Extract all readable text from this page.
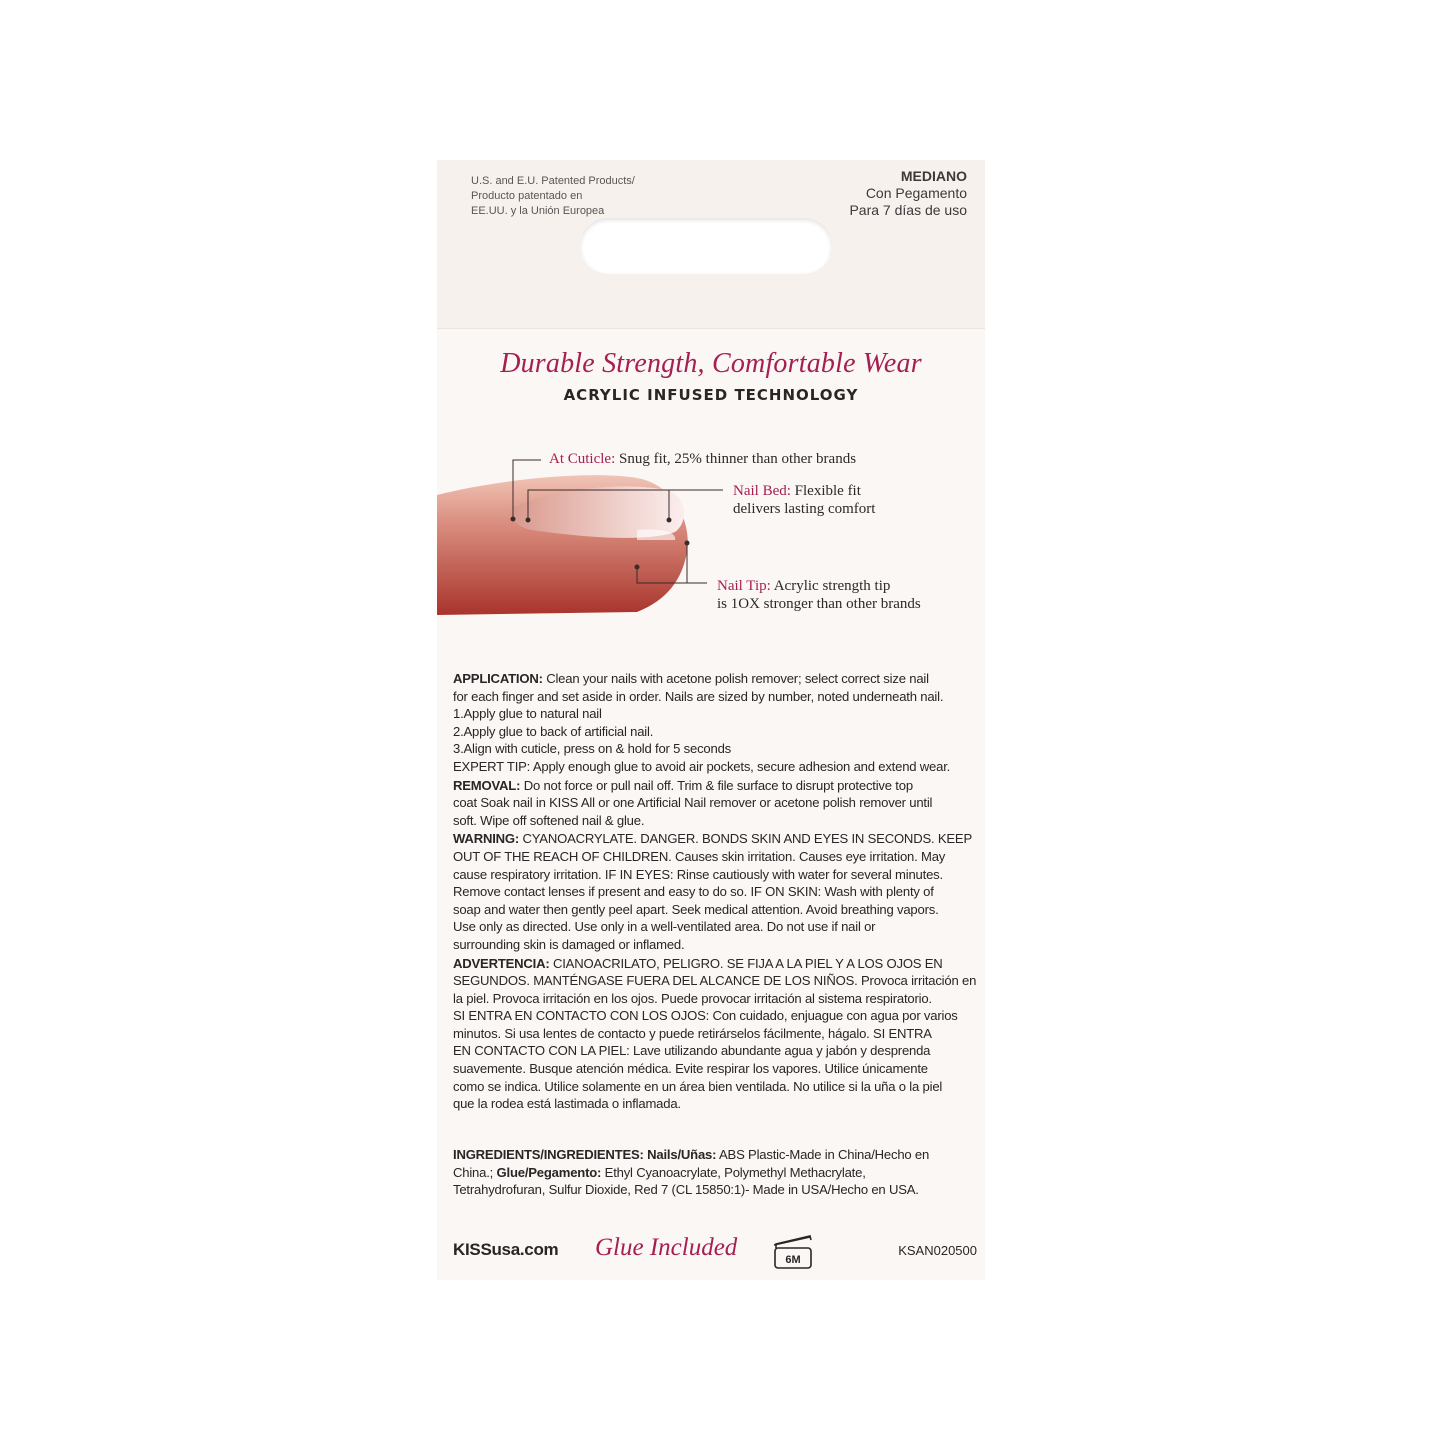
U.S. and E.U. Patented Products/
Producto patentado en
EE.UU. y la Unión Europea
MEDIANO
Con Pegamento
Para 7 días de uso
Durable Strength, Comfortable Wear
ACRYLIC INFUSED TECHNOLOGY
At Cuticle: Snug fit, 25% thinner than other brands
Nail Bed: Flexible fit
delivers lasting comfort
Nail Tip: Acrylic strength tip
is 1OX stronger than other brands

APPLICATION: Clean your nails with acetone polish remover; select correct size nail
for each finger and set aside in order. Nails are sized by number, noted underneath nail.
1.Apply glue to natural nail
2.Apply glue to back of artificial nail.
3.Align with cuticle, press on & hold for 5 seconds
EXPERT TIP: Apply enough glue to avoid air pockets, secure adhesion and extend wear.

REMOVAL: Do not force or pull nail off. Trim & file surface to disrupt protective top
coat Soak nail in KISS All or one Artificial Nail remover or acetone polish remover until
soft. Wipe off softened nail & glue.

WARNING: CYANOACRYLATE. DANGER. BONDS SKIN AND EYES IN SECONDS. KEEP
OUT OF THE REACH OF CHILDREN. Causes skin irritation. Causes eye irritation. May
cause respiratory irritation. IF IN EYES: Rinse cautiously with water for several minutes.
Remove contact lenses if present and easy to do so. IF ON SKIN: Wash with plenty of
soap and water then gently peel apart. Seek medical attention. Avoid breathing vapors.
Use only as directed. Use only in a well-ventilated area. Do not use if nail or
surrounding skin is damaged or inflamed.

ADVERTENCIA: CIANOACRILATO, PELIGRO. SE FIJA A LA PIEL Y A LOS OJOS EN
SEGUNDOS. MANTÉNGASE FUERA DEL ALCANCE DE LOS NIÑOS. Provoca irritación en
la piel. Provoca irritación en los ojos. Puede provocar irritación al sistema respiratorio.
SI ENTRA EN CONTACTO CON LOS OJOS: Con cuidado, enjuague con agua por varios
minutos. Si usa lentes de contacto y puede retirárselos fácilmente, hágalo. SI ENTRA
EN CONTACTO CON LA PIEL: Lave utilizando abundante agua y jabón y desprenda
suavemente. Busque atención médica. Evite respirar los vapores. Utilice únicamente
como se indica. Utilice solamente en un área bien ventilada. No utilice si la uña o la piel
que la rodea está lastimada o inflamada.

INGREDIENTS/INGREDIENTES: Nails/Uñas: ABS Plastic-Made in China/Hecho en
China.; Glue/Pegamento: Ethyl Cyanoacrylate, Polymethyl Methacrylate,
Tetrahydrofuran, Sulfur Dioxide, Red 7 (CL 15850:1)- Made in USA/Hecho en USA.
KISSusa.com Glue Included	6M
KSAN020500
